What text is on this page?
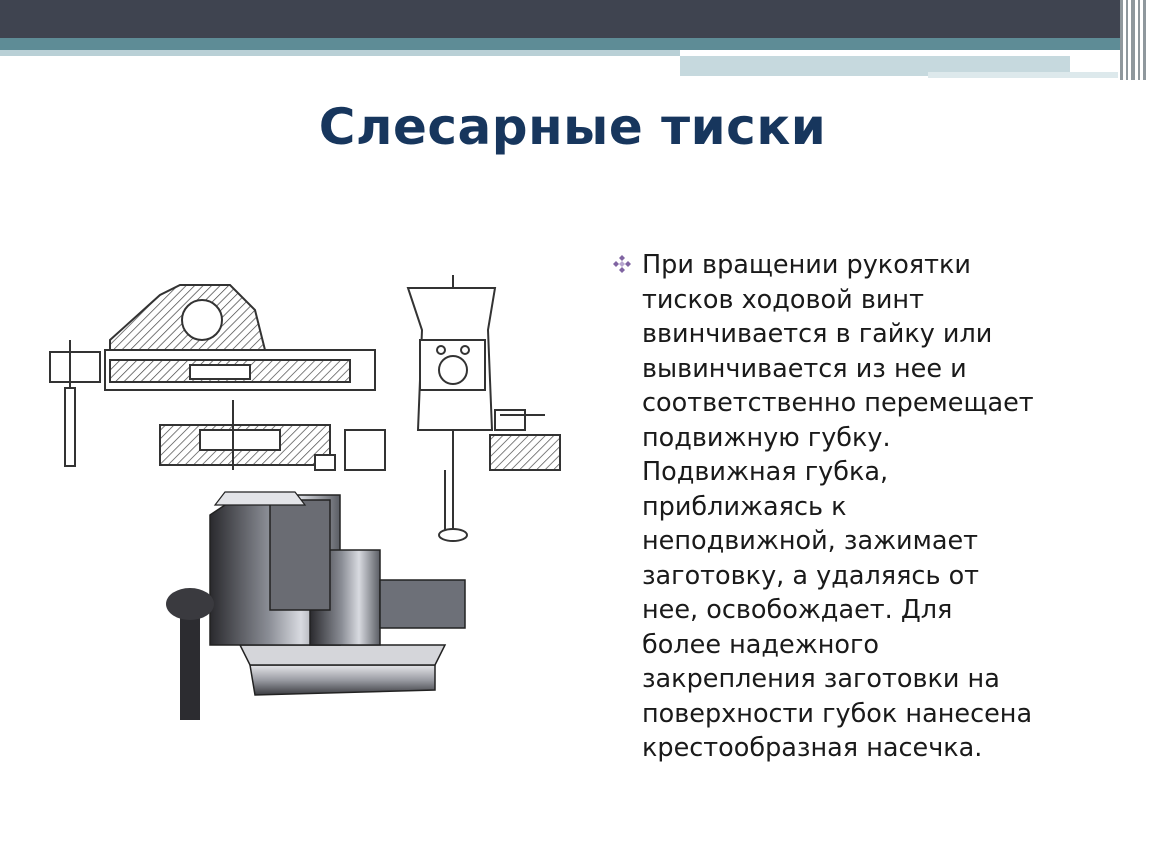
Слесарные тиски
При вращении рукоятки
тисков ходовой винт
ввинчивается в гайку или
вывинчивается из нее и
соответственно перемещает
подвижную губку.
Подвижная губка,
приближаясь к
неподвижной, зажимает
заготовку, а удаляясь от
нее, освобождает. Для
более надежного
закрепления заготовки на
поверхности губок нанесена
крестообразная насечка.
